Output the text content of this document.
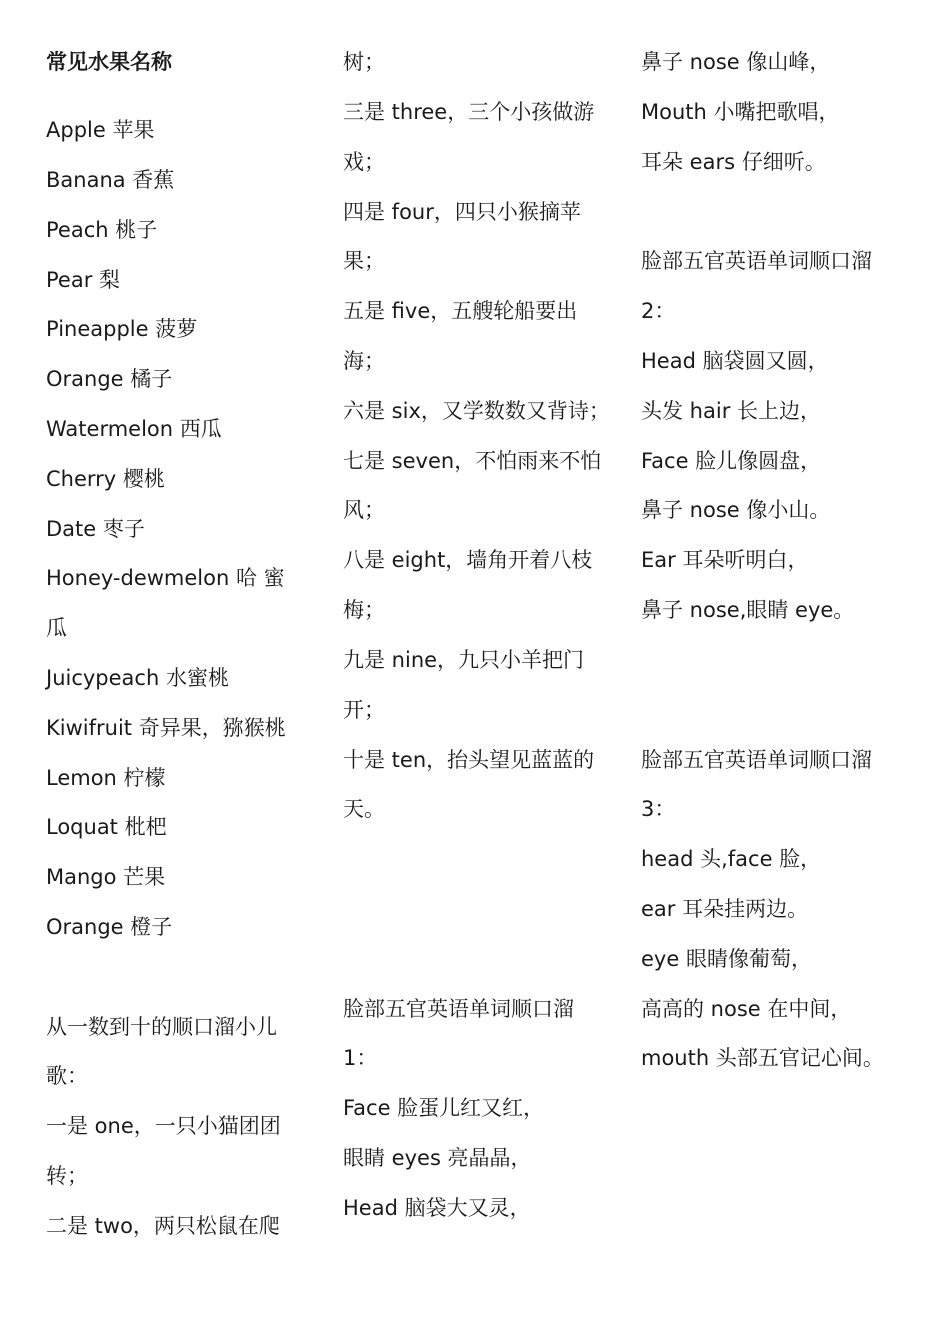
常见水果名称
Apple 苹果
Banana 香蕉
Peach 桃子
Pear 梨
Pineapple 菠萝
Orange 橘子
Watermelon 西瓜
Cherry 樱桃
Date 枣子
Honey-dewmelon 哈 蜜
瓜
Juicypeach 水蜜桃
Kiwifruit 奇异果，猕猴桃
Lemon 柠檬
Loquat 枇杷
Mango 芒果
Orange 橙子
从一数到十的顺口溜小儿
歌：
一是 one，一只小猫团团
转；
二是 two，两只松鼠在爬
树；
三是 three，三个小孩做游
戏；
四是 four，四只小猴摘苹
果；
五是 five，五艘轮船要出
海；
六是 six，又学数数又背诗；
七是 seven，不怕雨来不怕
风；
八是 eight，墙角开着八枝
梅；
九是 nine，九只小羊把门
开；
十是 ten，抬头望见蓝蓝的
天。
脸部五官英语单词顺口溜
1：
Face 脸蛋儿红又红，
眼睛 eyes 亮晶晶，
Head 脑袋大又灵，
鼻子 nose 像山峰，
Mouth 小嘴把歌唱，
耳朵 ears 仔细听。
脸部五官英语单词顺口溜
2：
Head 脑袋圆又圆，
头发 hair 长上边，
Face 脸儿像圆盘，
鼻子 nose 像小山。
Ear 耳朵听明白，
鼻子 nose,眼睛 eye。
脸部五官英语单词顺口溜
3：
head 头,face 脸，
ear 耳朵挂两边。
eye 眼睛像葡萄，
高高的 nose 在中间，
mouth 头部五官记心间。
